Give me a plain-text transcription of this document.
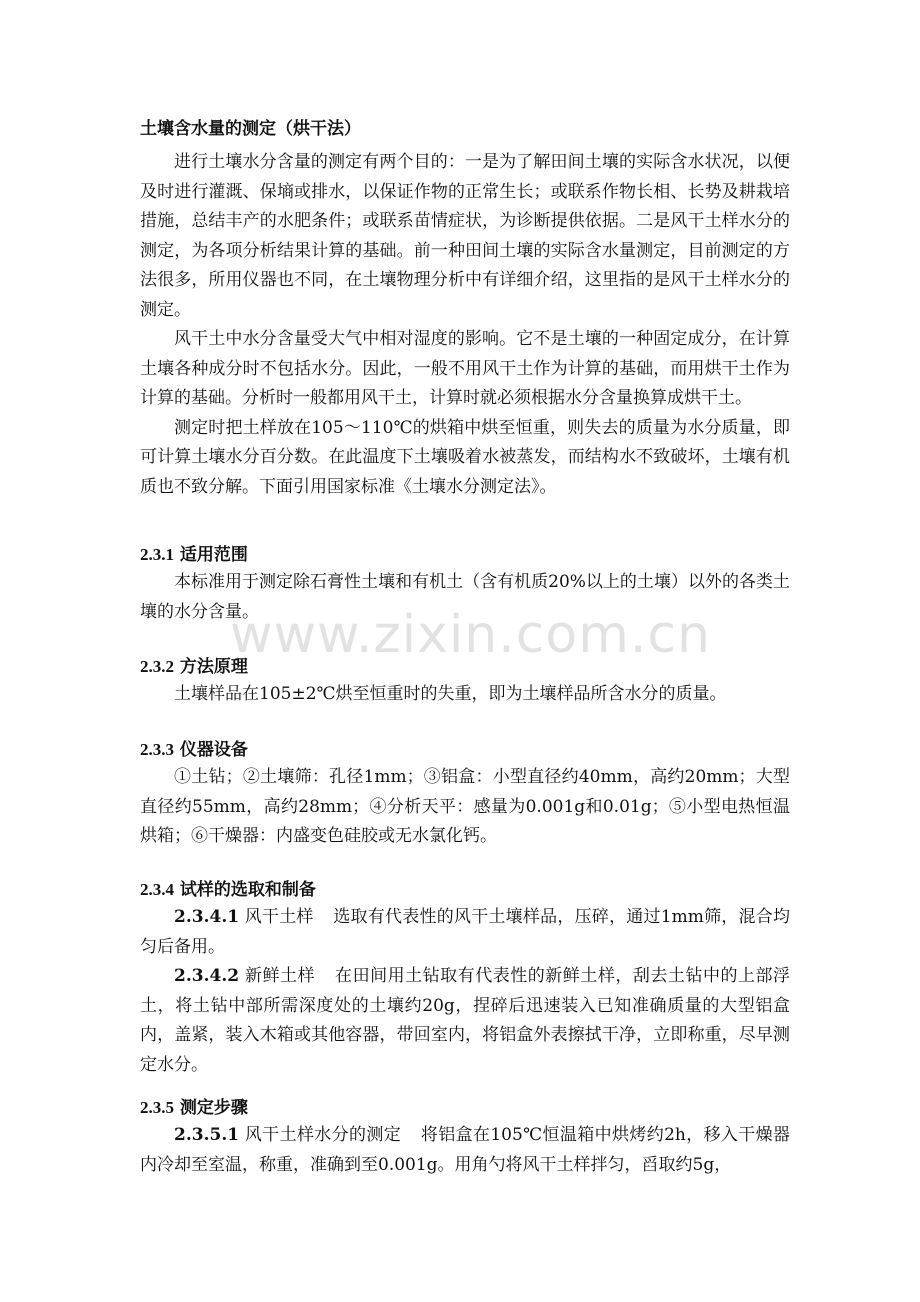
土壤含水量的测定（烘干法）

进行土壤水分含量的测定有两个目的：一是为了解田间土壤的实际含水状况，以便及时进行灌溉、保墒或排水，以保证作物的正常生长；或联系作物长相、长势及耕栽培措施，总结丰产的水肥条件；或联系苗情症状，为诊断提供依据。二是风干土样水分的测定，为各项分析结果计算的基础。前一种田间土壤的实际含水量测定，目前测定的方法很多，所用仪器也不同，在土壤物理分析中有详细介绍，这里指的是风干土样水分的测定。

风干土中水分含量受大气中相对湿度的影响。它不是土壤的一种固定成分，在计算土壤各种成分时不包括水分。因此，一般不用风干土作为计算的基础，而用烘干土作为计算的基础。分析时一般都用风干土，计算时就必须根据水分含量换算成烘干土。

测定时把土样放在105～110℃的烘箱中烘至恒重，则失去的质量为水分质量，即可计算土壤水分百分数。在此温度下土壤吸着水被蒸发，而结构水不致破坏，土壤有机质也不致分解。下面引用国家标准《土壤水分测定法》。

2.3.1 适用范围

本标准用于测定除石膏性土壤和有机土（含有机质20%以上的土壤）以外的各类土壤的水分含量。

2.3.2 方法原理

土壤样品在105±2℃烘至恒重时的失重，即为土壤样品所含水分的质量。

2.3.3 仪器设备

①土钻；②土壤筛：孔径1mm；③铝盒：小型直径约40mm，高约20mm；大型直径约55mm，高约28mm；④分析天平：感量为0.001g和0.01g；⑤小型电热恒温烘箱；⑥干燥器：内盛变色硅胶或无水氯化钙。

2.3.4 试样的选取和制备

2.3.4.1 风干土样 选取有代表性的风干土壤样品，压碎，通过1mm筛，混合均匀后备用。

2.3.4.2 新鲜土样 在田间用土钻取有代表性的新鲜土样，刮去土钻中的上部浮土，将土钻中部所需深度处的土壤约20g，捏碎后迅速装入已知准确质量的大型铝盒内，盖紧，装入木箱或其他容器，带回室内，将铝盒外表擦拭干净，立即称重，尽早测定水分。

2.3.5 测定步骤

2.3.5.1 风干土样水分的测定 将铝盒在105℃恒温箱中烘烤约2h，移入干燥器内冷却至室温，称重，准确到至0.001g。用角勺将风干土样拌匀，舀取约5g，

www.zixin.com.cn
